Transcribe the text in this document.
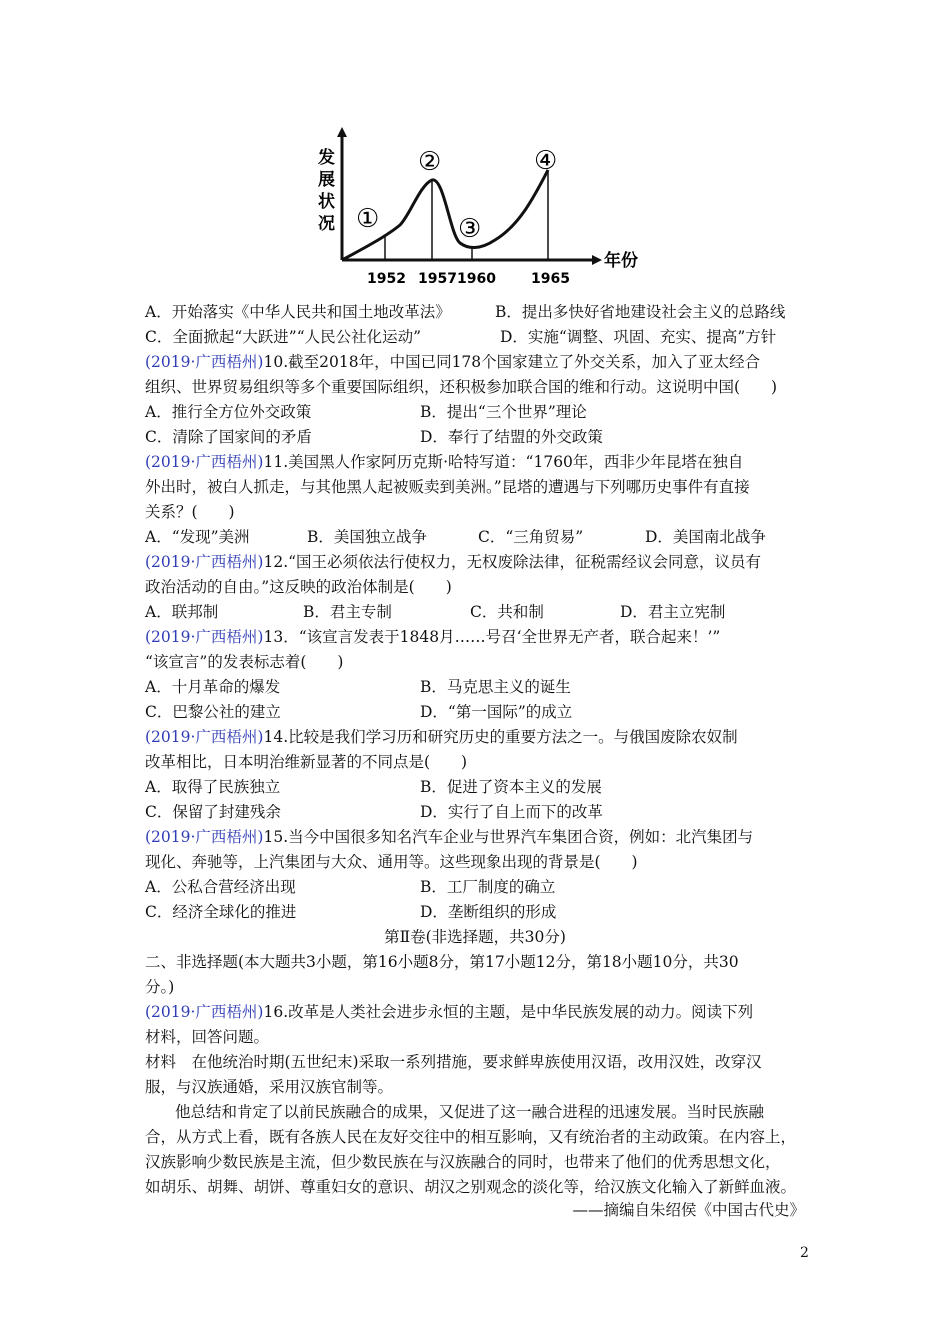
发
展
状
况 ①
②
③
④
年份
1952 1957 1960	1965
A．开始落实《中华人民共和国土地改革法》	B．提出多快好省地建设社会主义的总路线
C．全面掀起“大跃进”“人民公社化运动”	D．实施“调整、巩固、充实、提高”方针
(2019·广西梧州)10.截至2018年，中国已同178个国家建立了外交关系，加入了亚太经合
组织、世界贸易组织等多个重要国际组织，还积极参加联合国的维和行动。这说明中国(　　)
A．推行全方位外交政策	B．提出“三个世界”理论
C．清除了国家间的矛盾	D．奉行了结盟的外交政策
(2019·广西梧州)11.美国黑人作家阿历克斯·哈特写道：“1760年，西非少年昆塔在独自
外出时，被白人抓走，与其他黑人起被贩卖到美洲。”昆塔的遭遇与下列哪历史事件有直接
关系？(　　)
A．“发现”美洲	B．美国独立战争	C．“三角贸易”	D．美国南北战争
(2019·广西梧州)12.“国王必须依法行使权力，无权废除法律，征税需经议会同意，议员有
政治活动的自由。”这反映的政治体制是(　　)
A．联邦制	B．君主专制	C．共和制	D．君主立宪制
(2019·广西梧州)13．“该宣言发表于1848月……号召‘全世界无产者，联合起来！’”
“该宣言”的发表标志着(　　)
A．十月革命的爆发	B．马克思主义的诞生
C．巴黎公社的建立	D．“第一国际”的成立
(2019·广西梧州)14.比较是我们学习历和研究历史的重要方法之一。与俄国废除农奴制
改革相比，日本明治维新显著的不同点是(　　)
A．取得了民族独立	B．促进了资本主义的发展
C．保留了封建残余	D．实行了自上而下的改革
(2019·广西梧州)15.当今中国很多知名汽车企业与世界汽车集团合资，例如：北汽集团与
现化、奔驰等，上汽集团与大众、通用等。这些现象出现的背景是(　　)
A．公私合营经济出现	B．工厂制度的确立
C．经济全球化的推进	D．垄断组织的形成
第Ⅱ卷(非选择题，共30分)
二、非选择题(本大题共3小题，第16小题8分，第17小题12分，第18小题10分，共30
分。)
(2019·广西梧州)16.改革是人类社会进步永恒的主题，是中华民族发展的动力。阅读下列
材料，回答问题。
材料　在他统治时期(五世纪末)采取一系列措施，要求鲜卑族使用汉语，改用汉姓，改穿汉
服，与汉族通婚，采用汉族官制等。
他总结和肯定了以前民族融合的成果，又促进了这一融合进程的迅速发展。当时民族融
合，从方式上看，既有各族人民在友好交往中的相互影响，又有统治者的主动政策。在内容上，
汉族影响少数民族是主流，但少数民族在与汉族融合的同时，也带来了他们的优秀思想文化，
如胡乐、胡舞、胡饼、尊重妇女的意识、胡汉之别观念的淡化等，给汉族文化输入了新鲜血液。
——摘编自朱绍侯《中国古代史》
2
